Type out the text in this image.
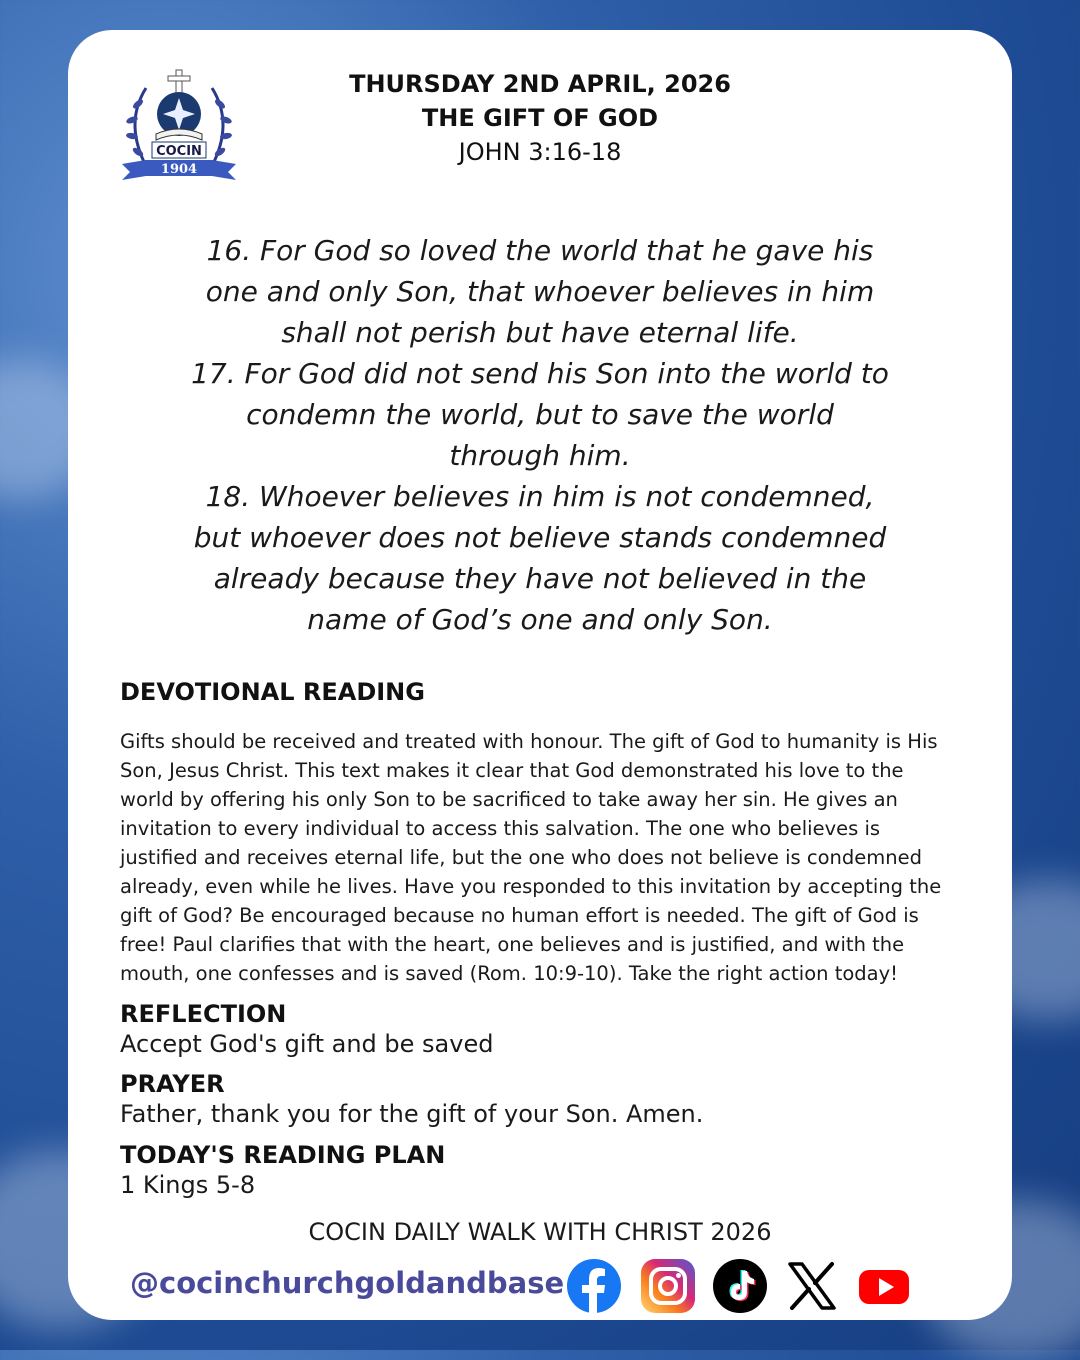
COCIN
1904
THURSDAY 2ND APRIL, 2026
THE GIFT OF GOD
JOHN 3:16-18
16. For God so loved the world that he gave his one and only Son, that whoever believes in him shall not perish but have eternal life.
17. For God did not send his Son into the world to condemn the world, but to save the world through him.
18. Whoever believes in him is not condemned, but whoever does not believe stands condemned already because they have not believed in the name of God’s one and only Son.
DEVOTIONAL READING
Gifts should be received and treated with honour. The gift of God to humanity is His Son, Jesus Christ. This text makes it clear that God demonstrated his love to the world by offering his only Son to be sacrificed to take away her sin. He gives an invitation to every individual to access this salvation. The one who believes is justified and receives eternal life, but the one who does not believe is condemned already, even while he lives. Have you responded to this invitation by accepting the gift of God? Be encouraged because no human effort is needed. The gift of God is free! Paul clarifies that with the heart, one believes and is justified, and with the mouth, one confesses and is saved (Rom. 10:9-10). Take the right action today!
REFLECTION
Accept God's gift and be saved
PRAYER
Father, thank you for the gift of your Son. Amen.
TODAY'S READING PLAN
1 Kings 5-8
COCIN DAILY WALK WITH CHRIST 2026
@cocinchurchgoldandbase
